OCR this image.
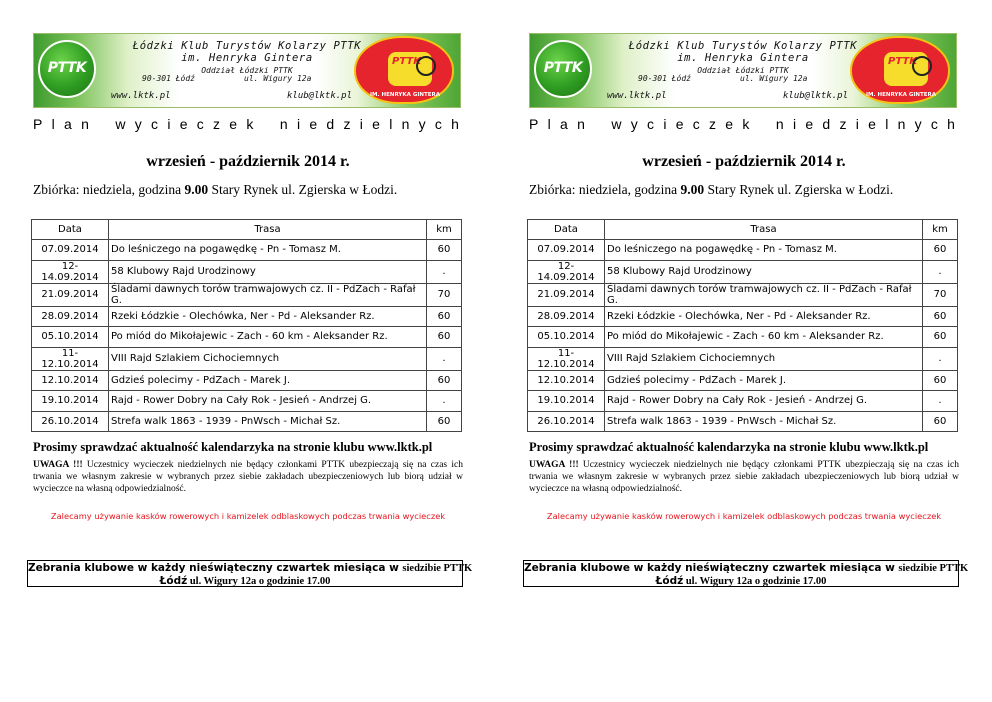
PTTK
Łódzki Klub Turystów Kolarzy PTTK
im. Henryka Gintera
Oddział Łódzki PTTK
90-301 Łódź	ul. Wigury 12a
www.lktk.pl	klub@lktk.pl
PTTK
IM. HENRYKA GINTERA
P l a n w y c i e c z e k n i e d z i e l n y c h
wrzesień - październik 2014 r.
Zbiórka: niedziela, godzina 9.00 Stary Rynek ul. Zgierska w Łodzi.
Data	Trasa	km
07.09.2014	Do leśniczego na pogawędkę - Pn - Tomasz M.	60
12-14.09.2014	58 Klubowy Rajd Urodzinowy	.
21.09.2014	Śladami dawnych torów tramwajowych cz. II - PdZach - Rafał G.	70
28.09.2014	Rzeki Łódzkie - Olechówka, Ner - Pd - Aleksander Rz.	60
05.10.2014	Po miód do Mikołajewic - Zach - 60 km - Aleksander Rz.	60
11-12.10.2014	VIII Rajd Szlakiem Cichociemnych	.
12.10.2014	Gdzieś polecimy - PdZach - Marek J.	60
19.10.2014	Rajd - Rower Dobry na Cały Rok - Jesień - Andrzej G.	.
26.10.2014	Strefa walk 1863 - 1939 - PnWsch - Michał Sz.	60
Prosimy sprawdzać aktualność kalendarzyka na stronie klubu www.lktk.pl
UWAGA !!! Uczestnicy wycieczek niedzielnych nie będący członkami PTTK ubezpieczają się na czas ich trwania we własnym zakresie w wybranych przez siebie zakładach ubezpieczeniowych lub biorą udział w wycieczce na własną odpowiedzialność.
Zalecamy używanie kasków rowerowych i kamizelek odblaskowych podczas trwania wycieczek
Zebrania klubowe w każdy nieświąteczny czwartek miesiąca w siedzibie PTTK
Łódź ul. Wigury 12a o godzinie 17.00
PTTK
Łódzki Klub Turystów Kolarzy PTTK
im. Henryka Gintera
Oddział Łódzki PTTK
90-301 Łódź	ul. Wigury 12a
www.lktk.pl	klub@lktk.pl
PTTK
IM. HENRYKA GINTERA
P l a n w y c i e c z e k n i e d z i e l n y c h
wrzesień - październik 2014 r.
Zbiórka: niedziela, godzina 9.00 Stary Rynek ul. Zgierska w Łodzi.
Data	Trasa	km
07.09.2014	Do leśniczego na pogawędkę - Pn - Tomasz M.	60
12-14.09.2014	58 Klubowy Rajd Urodzinowy	.
21.09.2014	Śladami dawnych torów tramwajowych cz. II - PdZach - Rafał G.	70
28.09.2014	Rzeki Łódzkie - Olechówka, Ner - Pd - Aleksander Rz.	60
05.10.2014	Po miód do Mikołajewic - Zach - 60 km - Aleksander Rz.	60
11-12.10.2014	VIII Rajd Szlakiem Cichociemnych	.
12.10.2014	Gdzieś polecimy - PdZach - Marek J.	60
19.10.2014	Rajd - Rower Dobry na Cały Rok - Jesień - Andrzej G.	.
26.10.2014	Strefa walk 1863 - 1939 - PnWsch - Michał Sz.	60
Prosimy sprawdzać aktualność kalendarzyka na stronie klubu www.lktk.pl
UWAGA !!! Uczestnicy wycieczek niedzielnych nie będący członkami PTTK ubezpieczają się na czas ich trwania we własnym zakresie w wybranych przez siebie zakładach ubezpieczeniowych lub biorą udział w wycieczce na własną odpowiedzialność.
Zalecamy używanie kasków rowerowych i kamizelek odblaskowych podczas trwania wycieczek
Zebrania klubowe w każdy nieświąteczny czwartek miesiąca w siedzibie PTTK
Łódź ul. Wigury 12a o godzinie 17.00
